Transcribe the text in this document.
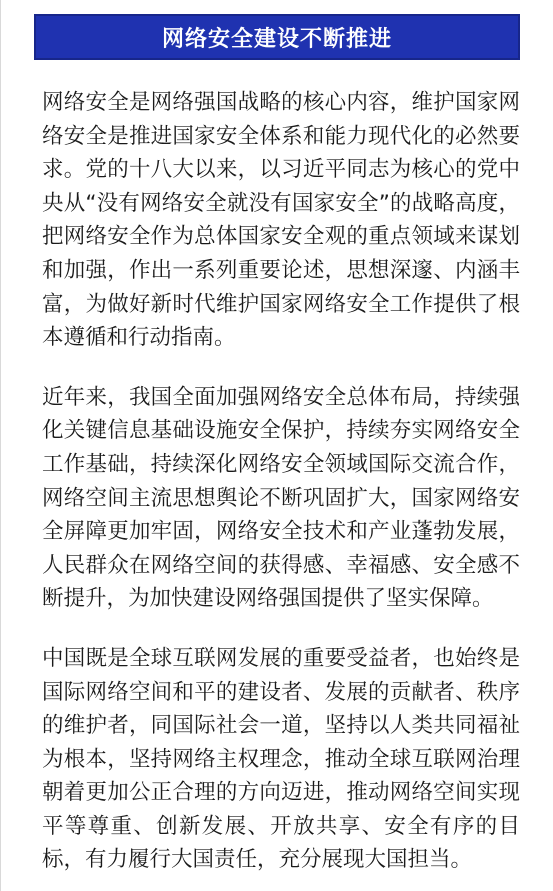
网络安全建设不断推进

网络安全是网络强国战略的核心内容，维护国家网络安全是推进国家安全体系和能力现代化的必然要求。党的十八大以来，以习近平同志为核心的党中央从“没有网络安全就没有国家安全”的战略高度，把网络安全作为总体国家安全观的重点领域来谋划和加强，作出一系列重要论述，思想深邃、内涵丰富，为做好新时代维护国家网络安全工作提供了根本遵循和行动指南。

近年来，我国全面加强网络安全总体布局，持续强化关键信息基础设施安全保护，持续夯实网络安全工作基础，持续深化网络安全领域国际交流合作，网络空间主流思想舆论不断巩固扩大，国家网络安全屏障更加牢固，网络安全技术和产业蓬勃发展，人民群众在网络空间的获得感、幸福感、安全感不断提升，为加快建设网络强国提供了坚实保障。

中国既是全球互联网发展的重要受益者，也始终是国际网络空间和平的建设者、发展的贡献者、秩序的维护者，同国际社会一道，坚持以人类共同福祉为根本，坚持网络主权理念，推动全球互联网治理朝着更加公正合理的方向迈进，推动网络空间实现平等尊重、创新发展、开放共享、安全有序的目标，有力履行大国责任，充分展现大国担当。
